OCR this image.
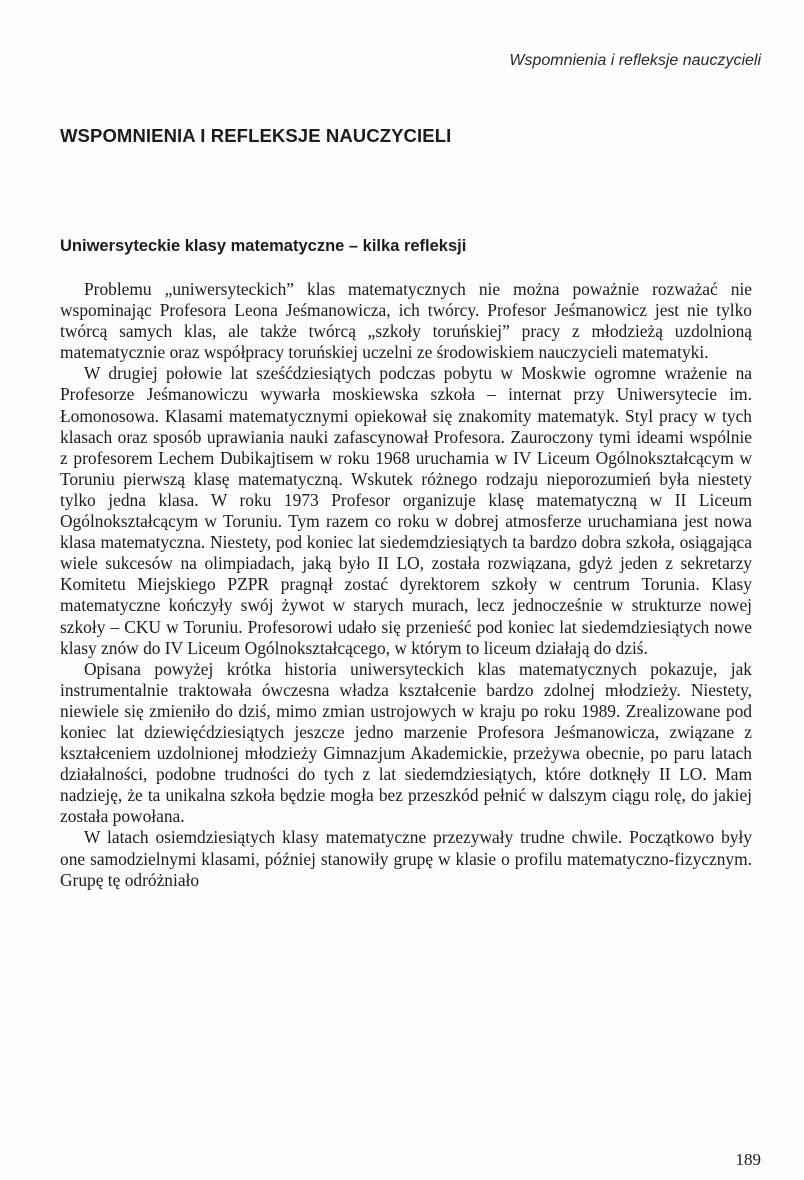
Wspomnienia i refleksje nauczycieli
WSPOMNIENIA I REFLEKSJE NAUCZYCIELI
Uniwersyteckie klasy matematyczne – kilka refleksji

Problemu „uniwersyteckich” klas matematycznych nie można poważnie rozważać nie wspominając Profesora Leona Jeśmanowicza, ich twórcy. Profesor Jeśmanowicz jest nie tylko twórcą samych klas, ale także twórcą „szkoły toruńskiej” pracy z młodzieżą uzdolnioną matematycznie oraz współpracy toruńskiej uczelni ze środowiskiem nauczycieli matematyki.

W drugiej połowie lat sześćdziesiątych podczas pobytu w Moskwie ogromne wrażenie na Profesorze Jeśmanowiczu wywarła moskiewska szkoła – internat przy Uniwersytecie im. Łomonosowa. Klasami matematycznymi opiekował się znakomity matematyk. Styl pracy w tych klasach oraz sposób uprawiania nauki zafascynował Profesora. Zauroczony tymi ideami wspólnie z profesorem Lechem Dubikajtisem w roku 1968 uruchamia w IV Liceum Ogólnokształcącym w Toruniu pierwszą klasę matematyczną. Wskutek różnego rodzaju nieporozumień była niestety tylko jedna klasa. W roku 1973 Profesor organizuje klasę matematyczną w II Liceum Ogólnokształcącym w Toruniu. Tym razem co roku w dobrej atmosferze uruchamiana jest nowa klasa matematyczna. Niestety, pod koniec lat siedemdziesiątych ta bardzo dobra szkoła, osiągająca wiele sukcesów na olimpiadach, jaką było II LO, została rozwiązana, gdyż jeden z sekretarzy Komitetu Miejskiego PZPR pragnął zostać dyrektorem szkoły w centrum Torunia. Klasy matematyczne kończyły swój żywot w starych murach, lecz jednocześnie w strukturze nowej szkoły – CKU w Toruniu. Profesorowi udało się przenieść pod koniec lat siedemdziesiątych nowe klasy znów do IV Liceum Ogólnokształcącego, w którym to liceum działają do dziś.

Opisana powyżej krótka historia uniwersyteckich klas matematycznych pokazuje, jak instrumentalnie traktowała ówczesna władza kształcenie bardzo zdolnej młodzieży. Niestety, niewiele się zmieniło do dziś, mimo zmian ustrojowych w kraju po roku 1989. Zrealizowane pod koniec lat dziewięćdziesiątych jeszcze jedno marzenie Profesora Jeśmanowicza, związane z kształceniem uzdolnionej młodzieży Gimnazjum Akademickie, przeżywa obecnie, po paru latach działalności, podobne trudności do tych z lat siedemdziesiątych, które dotknęły II LO. Mam nadzieję, że ta unikalna szkoła będzie mogła bez przeszkód pełnić w dalszym ciągu rolę, do jakiej została powołana.

W latach osiemdziesiątych klasy matematyczne przezywały trudne chwile. Początkowo były one samodzielnymi klasami, później stanowiły grupę w klasie o profilu matematyczno-fizycznym. Grupę tę odróżniało

189
